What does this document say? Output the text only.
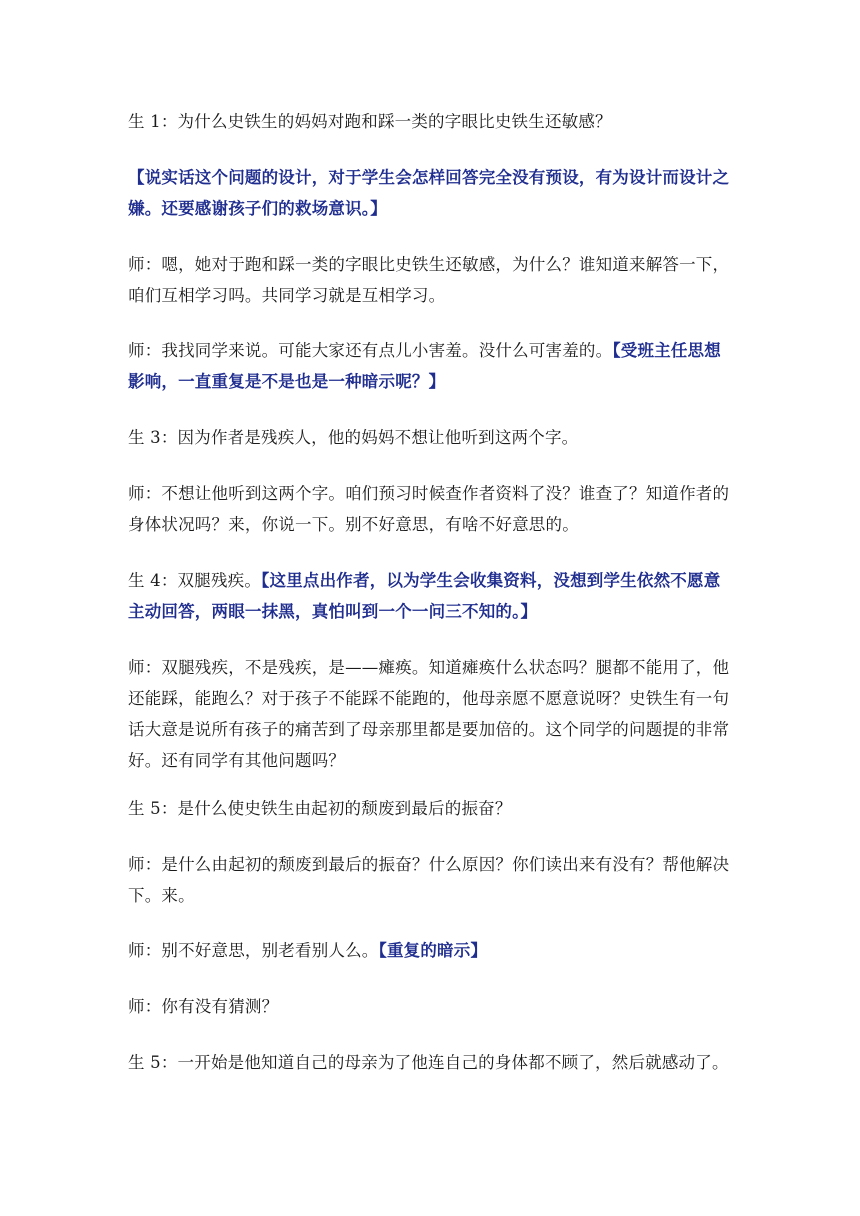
生 1：为什么史铁生的妈妈对跑和踩一类的字眼比史铁生还敏感？

【说实话这个问题的设计，对于学生会怎样回答完全没有预设，有为设计而设计之嫌。还要感谢孩子们的救场意识。】

师：嗯，她对于跑和踩一类的字眼比史铁生还敏感，为什么？谁知道来解答一下，咱们互相学习吗。共同学习就是互相学习。

师：我找同学来说。可能大家还有点儿小害羞。没什么可害羞的。【受班主任思想影响，一直重复是不是也是一种暗示呢？】

生 3：因为作者是残疾人，他的妈妈不想让他听到这两个字。

师：不想让他听到这两个字。咱们预习时候查作者资料了没？谁查了？知道作者的身体状况吗？来，你说一下。别不好意思，有啥不好意思的。

生 4：双腿残疾。【这里点出作者，以为学生会收集资料，没想到学生依然不愿意主动回答，两眼一抹黑，真怕叫到一个一问三不知的。】

师：双腿残疾，不是残疾，是——瘫痪。知道瘫痪什么状态吗？腿都不能用了，他还能踩，能跑么？对于孩子不能踩不能跑的，他母亲愿不愿意说呀？史铁生有一句话大意是说所有孩子的痛苦到了母亲那里都是要加倍的。这个同学的问题提的非常好。还有同学有其他问题吗？

生 5：是什么使史铁生由起初的颓废到最后的振奋？

师：是什么由起初的颓废到最后的振奋？什么原因？你们读出来有没有？帮他解决下。来。

师：别不好意思，别老看别人么。【重复的暗示】

师：你有没有猜测？

生 5：一开始是他知道自己的母亲为了他连自己的身体都不顾了，然后就感动了。
